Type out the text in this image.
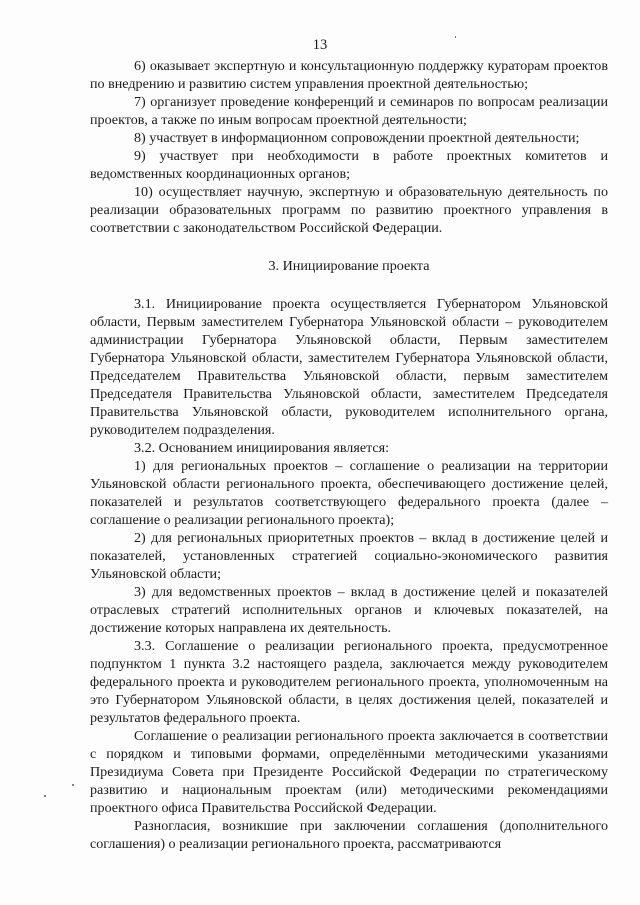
13

6) оказывает экспертную и консультационную поддержку кураторам проектов по внедрению и развитию систем управления проектной деятельностью;

7) организует проведение конференций и семинаров по вопросам реализации проектов, а также по иным вопросам проектной деятельности;

8) участвует в информационном сопровождении проектной деятельности;

9) участвует при необходимости в работе проектных комитетов и ведомственных координационных органов;

10) осуществляет научную, экспертную и образовательную деятельность по реализации образовательных программ по развитию проектного управления в соответствии с законодательством Российской Федерации.

3. Инициирование проекта

3.1. Инициирование проекта осуществляется Губернатором Ульяновской области, Первым заместителем Губернатора Ульяновской области – руководителем администрации Губернатора Ульяновской области, Первым заместителем Губернатора Ульяновской области, заместителем Губернатора Ульяновской области, Председателем Правительства Ульяновской области, первым заместителем Председателя Правительства Ульяновской области, заместителем Председателя Правительства Ульяновской области, руководителем исполнительного органа, руководителем подразделения.

3.2. Основанием инициирования является:

1) для региональных проектов – соглашение о реализации на территории Ульяновской области регионального проекта, обеспечивающего достижение целей, показателей и результатов соответствующего федерального проекта (далее – соглашение о реализации регионального проекта);

2) для региональных приоритетных проектов – вклад в достижение целей и показателей, установленных стратегией социально-экономического развития Ульяновской области;

3) для ведомственных проектов – вклад в достижение целей и показателей отраслевых стратегий исполнительных органов и ключевых показателей, на достижение которых направлена их деятельность.

3.3. Соглашение о реализации регионального проекта, предусмотренное подпунктом 1 пункта 3.2 настоящего раздела, заключается между руководителем федерального проекта и руководителем регионального проекта, уполномоченным на это Губернатором Ульяновской области, в целях достижения целей, показателей и результатов федерального проекта.

Соглашение о реализации регионального проекта заключается в соответствии с порядком и типовыми формами, определёнными методическими указаниями Президиума Совета при Президенте Российской Федерации по стратегическому развитию и национальным проектам (или) методическими рекомендациями проектного офиса Правительства Российской Федерации.

Разногласия, возникшие при заключении соглашения (дополнительного соглашения) о реализации регионального проекта, рассматриваются
